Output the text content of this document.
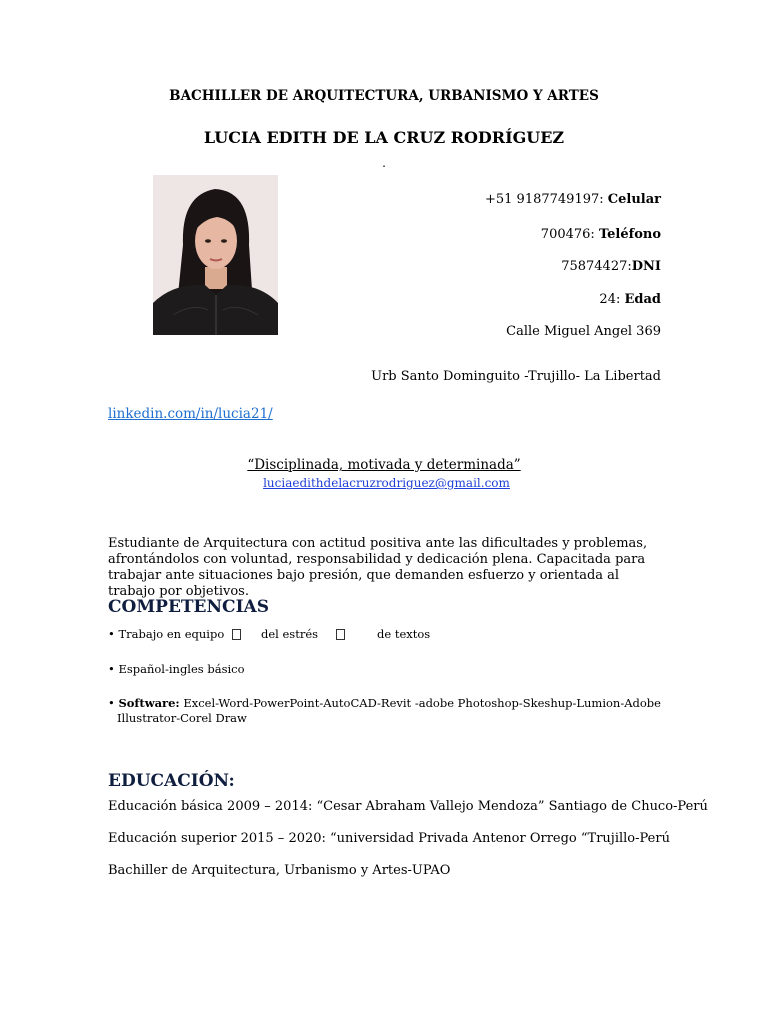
BACHILLER DE ARQUITECTURA, URBANISMO Y ARTES

LUCIA EDITH DE LA CRUZ RODRÍGUEZ

.

+51 9187749197: Celular

700476: Teléfono

75874427:DNI

24: Edad

Calle Miguel Angel 369

Urb Santo Dominguito -Trujillo- La Libertad

linkedin.com/in/lucia21/

“Disciplinada, motivada y determinada”

luciaedithdelacruzrodriguez@gmail.com

Estudiante de Arquitectura con actitud positiva ante las dificultades y problemas, afrontándolos con voluntad, responsabilidad y dedicación plena. Capacitada para trabajar ante situaciones bajo presión, que demanden esfuerzo y orientada al trabajo por objetivos.

COMPETENCIAS

• Trabajo en equipo	del estrés	de textos

• Español-ingles básico

• Software: Excel-Word-PowerPoint-AutoCAD-Revit -adobe Photoshop-Skeshup-Lumion-Adobe

Illustrator-Corel Draw

EDUCACIÓN:

Educación básica 2009 – 2014: “Cesar Abraham Vallejo Mendoza” Santiago de Chuco-Perú

Educación superior 2015 – 2020: “universidad Privada Antenor Orrego “Trujillo-Perú

Bachiller de Arquitectura, Urbanismo y Artes-UPAO
